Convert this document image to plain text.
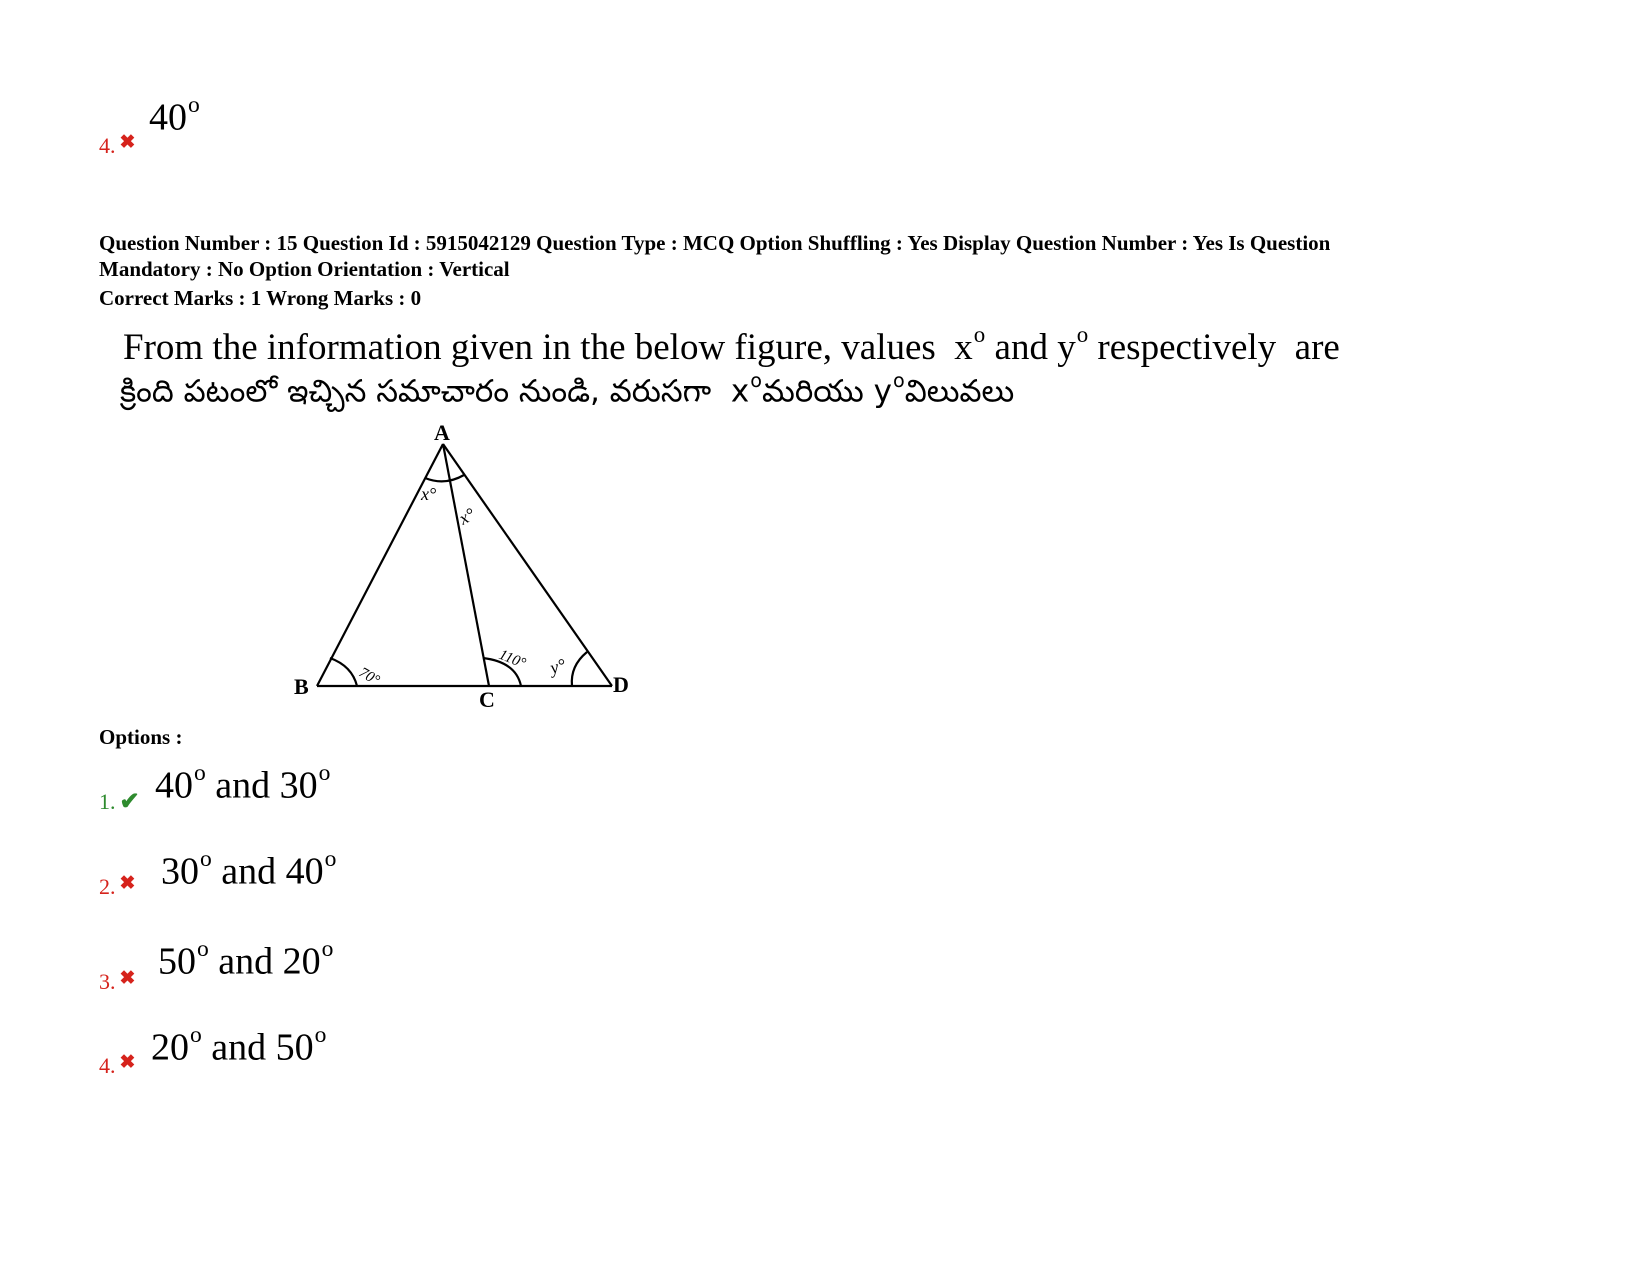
4. ✖
40$^o$
Question Number : 15 Question Id : 5915042129 Question Type : MCQ Option Shuffling : Yes Display Question Number : Yes Is Question
Mandatory : No Option Orientation : Vertical
Correct Marks : 1 Wrong Marks : 0
From the information given in the below figure, values  $x^o$ and $y^o$ respectively  are
క్రింది పటంలో ఇచ్చిన సమాచారం నుండి, వరుసగా  $x^oమరియు$ $y^oవిలువలు$
A
B
C
D
x°
x°
70°
110° y°
Options :
1. ✔ 40$^o$ and 30$^o$
2. ✖ 30$^o$ and 40$^o$
3. ✖ 50$^o$ and 20$^o$
4. ✖ 20$^o$ and 50$^o$
